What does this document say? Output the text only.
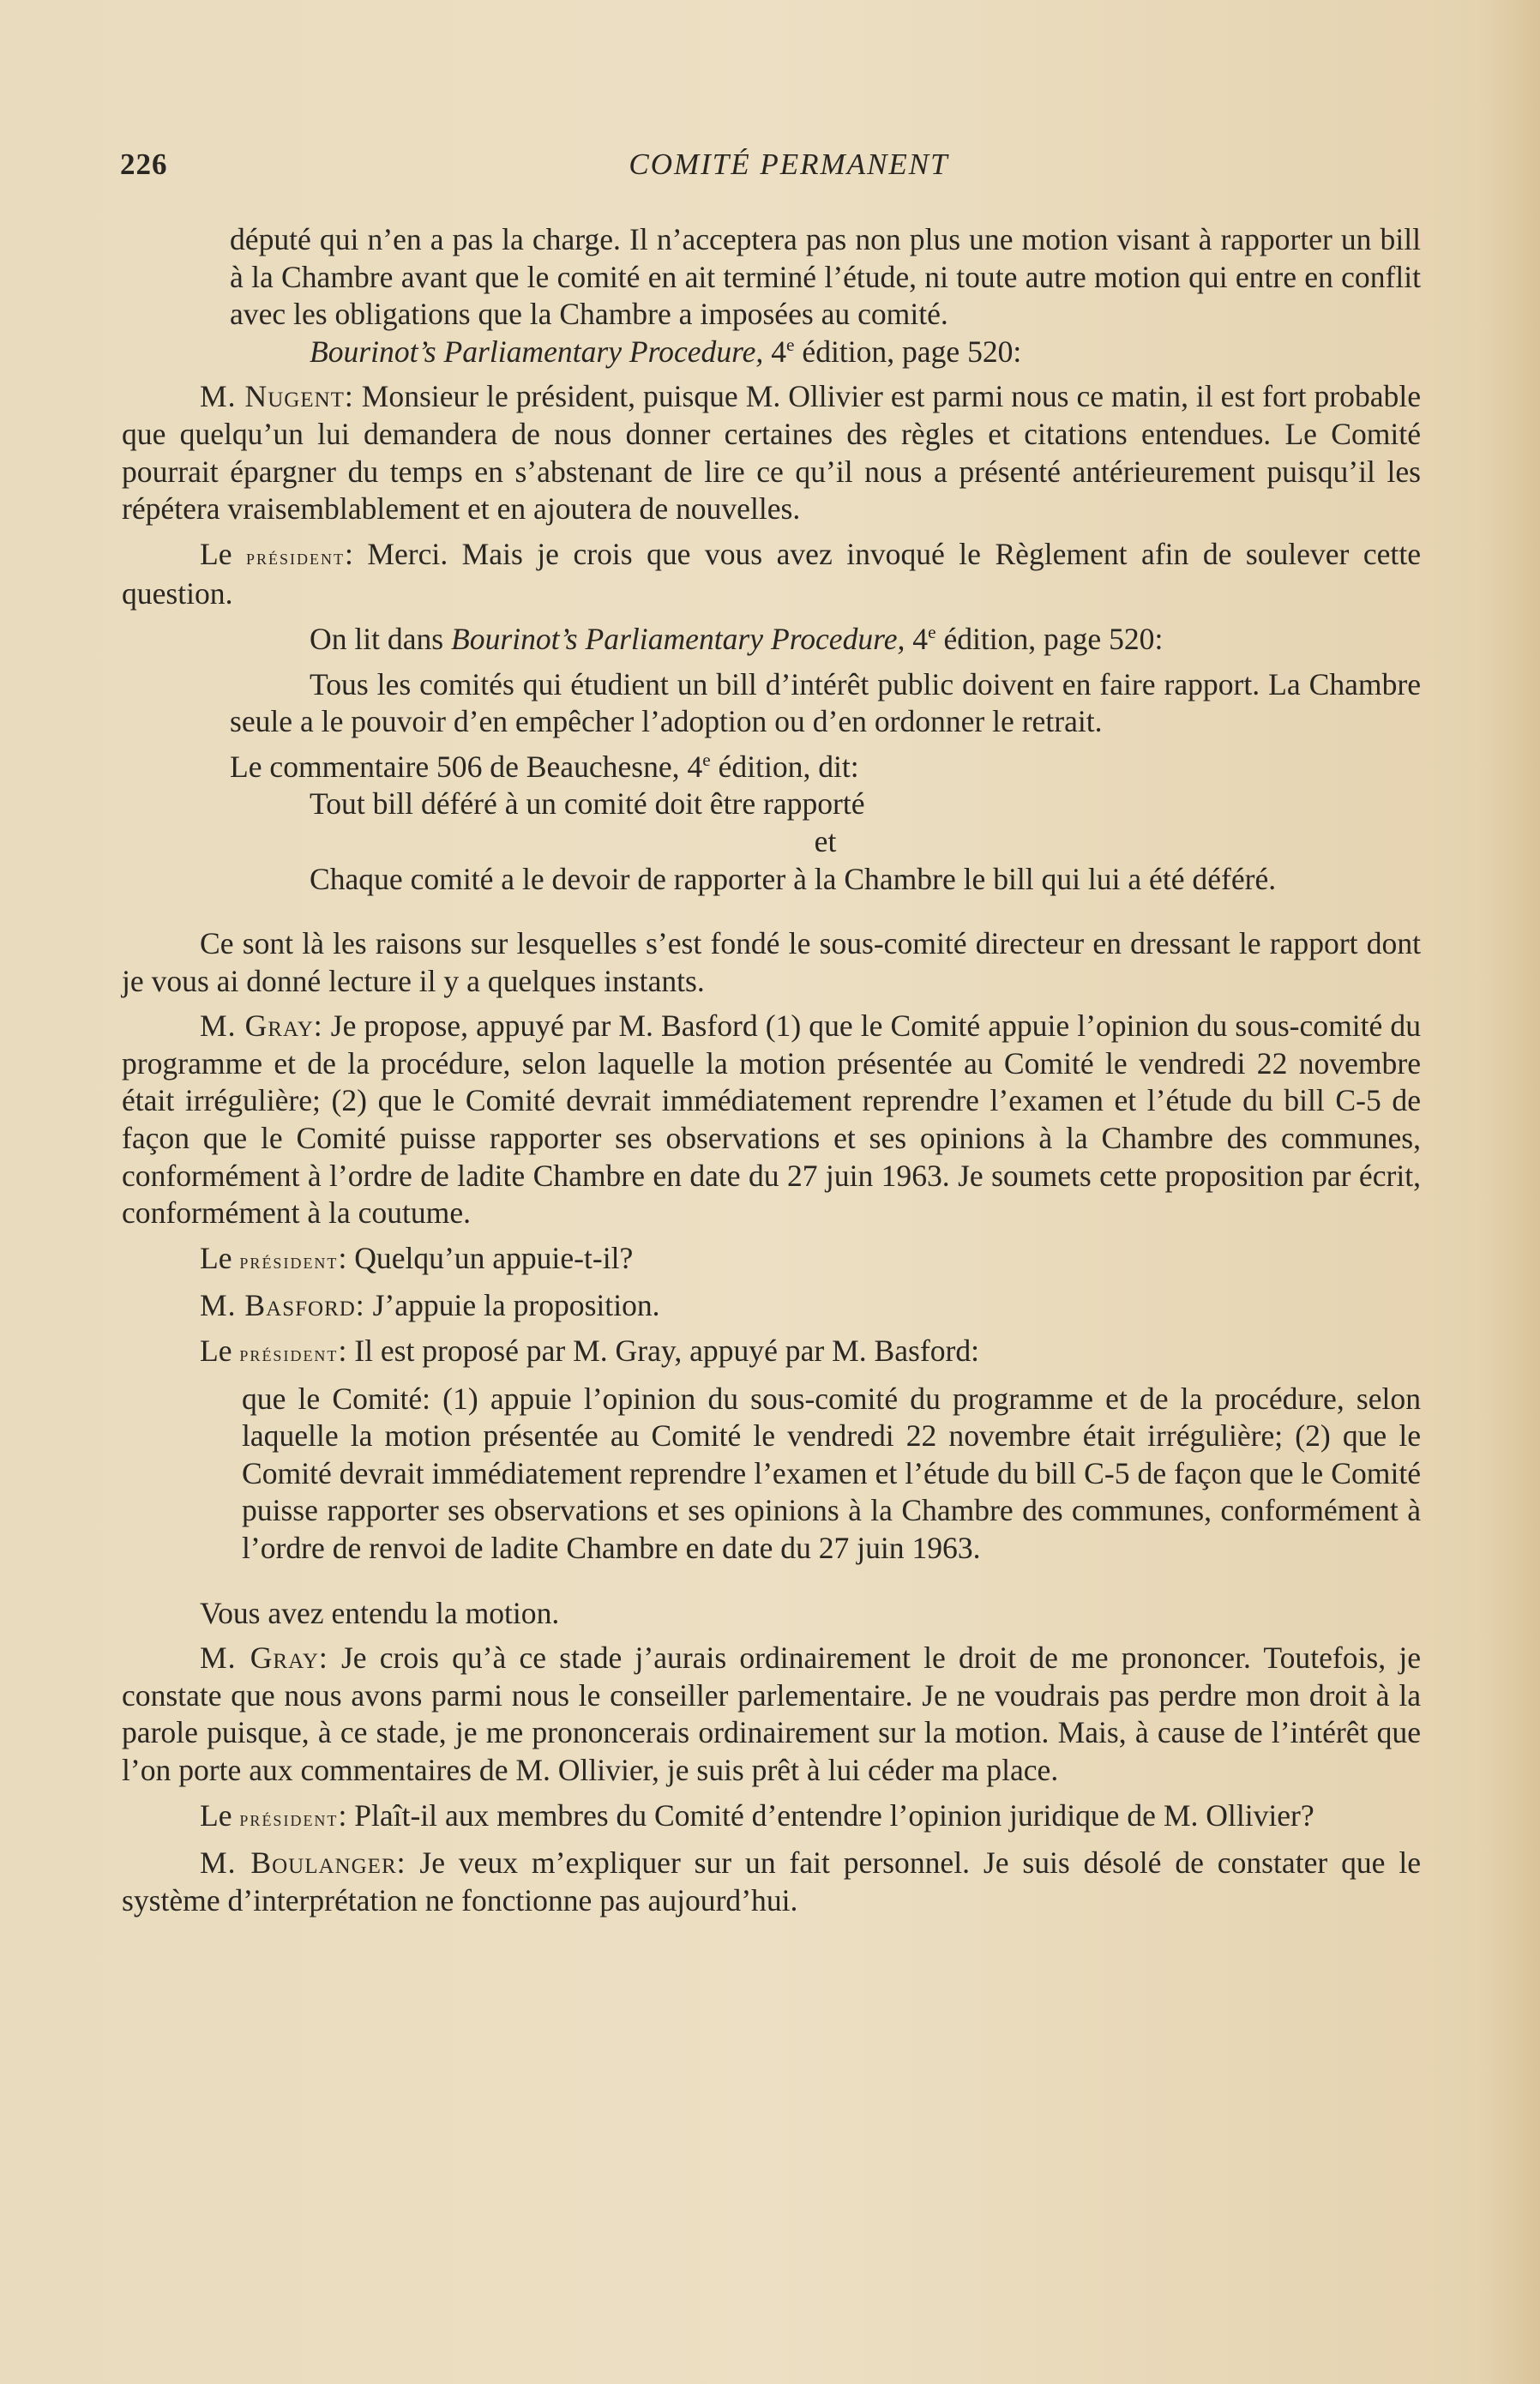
226	COMITÉ PERMANENT

député qui n’en a pas la charge. Il n’acceptera pas non plus une motion visant à rapporter un bill à la Chambre avant que le comité en ait terminé l’étude, ni toute autre motion qui entre en conflit avec les obligations que la Chambre a imposées au comité.

Bourinot’s Parliamentary Procedure, 4e édition, page 520:

M. Nugent: Monsieur le président, puisque M. Ollivier est parmi nous ce matin, il est fort probable que quelqu’un lui demandera de nous donner certaines des règles et citations entendues. Le Comité pourrait épargner du temps en s’abstenant de lire ce qu’il nous a présenté antérieurement puisqu’il les répétera vraisemblablement et en ajoutera de nouvelles.

Le président: Merci. Mais je crois que vous avez invoqué le Règlement afin de soulever cette question.

On lit dans Bourinot’s Parliamentary Procedure, 4e édition, page 520:

Tous les comités qui étudient un bill d’intérêt public doivent en faire rapport. La Chambre seule a le pouvoir d’en empêcher l’adoption ou d’en ordonner le retrait.

Le commentaire 506 de Beauchesne, 4e édition, dit:

Tout bill déféré à un comité doit être rapporté

et

Chaque comité a le devoir de rapporter à la Chambre le bill qui lui a été déféré.

Ce sont là les raisons sur lesquelles s’est fondé le sous-comité directeur en dressant le rapport dont je vous ai donné lecture il y a quelques instants.

M. Gray: Je propose, appuyé par M. Basford (1) que le Comité appuie l’opinion du sous-comité du programme et de la procédure, selon laquelle la motion présentée au Comité le vendredi 22 novembre était irrégulière; (2) que le Comité devrait immédiatement reprendre l’examen et l’étude du bill C-5 de façon que le Comité puisse rapporter ses observations et ses opinions à la Chambre des communes, conformément à l’ordre de ladite Chambre en date du 27 juin 1963. Je soumets cette proposition par écrit, conformément à la coutume.

Le président: Quelqu’un appuie-t-il?

M. Basford: J’appuie la proposition.

Le président: Il est proposé par M. Gray, appuyé par M. Basford:

que le Comité: (1) appuie l’opinion du sous-comité du programme et de la procédure, selon laquelle la motion présentée au Comité le vendredi 22 novembre était irrégulière; (2) que le Comité devrait immédiatement reprendre l’examen et l’étude du bill C-5 de façon que le Comité puisse rapporter ses observations et ses opinions à la Chambre des communes, conformément à l’ordre de renvoi de ladite Chambre en date du 27 juin 1963.

Vous avez entendu la motion.

M. Gray: Je crois qu’à ce stade j’aurais ordinairement le droit de me prononcer. Toutefois, je constate que nous avons parmi nous le conseiller parlementaire. Je ne voudrais pas perdre mon droit à la parole puisque, à ce stade, je me prononcerais ordinairement sur la motion. Mais, à cause de l’intérêt que l’on porte aux commentaires de M. Ollivier, je suis prêt à lui céder ma place.

Le président: Plaît-il aux membres du Comité d’entendre l’opinion juridique de M. Ollivier?

M. Boulanger: Je veux m’expliquer sur un fait personnel. Je suis désolé de constater que le système d’interprétation ne fonctionne pas aujourd’hui.
